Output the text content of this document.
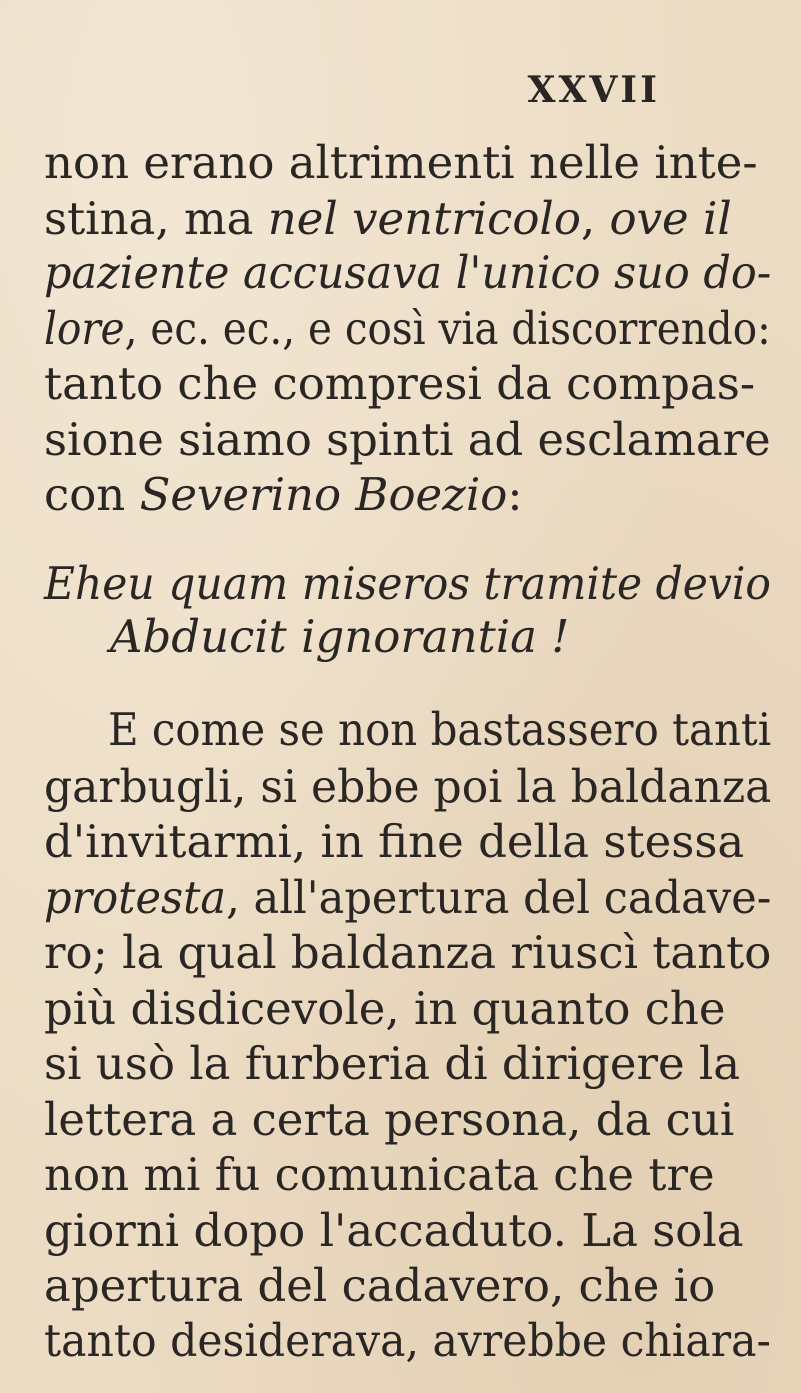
XXVII

non erano altrimenti nelle inte-

stina, ma nel ventricolo, ove il

paziente accusava l'unico suo do-

lore, ec. ec., e così via discorrendo:

tanto che compresi da compas-

sione siamo spinti ad esclamare

con Severino Boezio:

Eheu quam miseros tramite devio

Abducit ignorantia !

E come se non bastassero tanti

garbugli, si ebbe poi la baldanza

d'invitarmi, in fine della stessa

protesta, all'apertura del cadave-

ro; la qual baldanza riuscì tanto

più disdicevole, in quanto che

si usò la furberia di dirigere la

lettera a certa persona, da cui

non mi fu comunicata che tre

giorni dopo l'accaduto. La sola

apertura del cadavero, che io

tanto desiderava, avrebbe chiara-
